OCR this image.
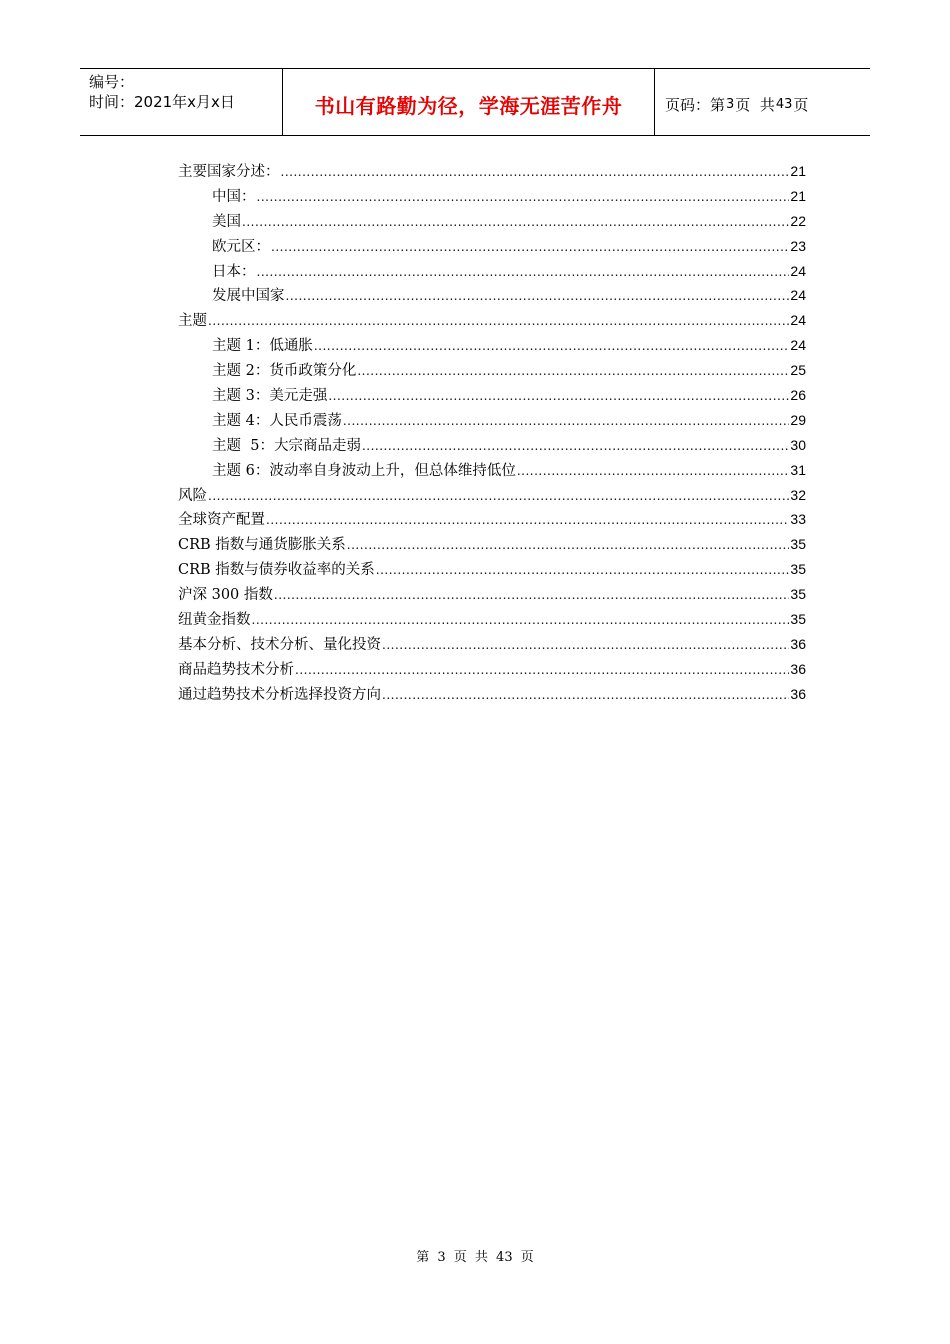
编号：
时间：2021年x月x日	书山有路勤为径，学海无涯苦作舟	页码：第 3 页  共 43 页
主要国家分述： .....	21
中国： .....	21
美国 .....	22
欧元区： .....	23
日本： .....	24
发展中国家 .....	24
主题 .....	24
主题 1：低通胀 .....	24
主题 2：货币政策分化 .....	25
主题 3：美元走强 .....	26
主题 4：人民币震荡 .....	29
主题  5：大宗商品走弱 .....	30
主题 6：波动率自身波动上升，但总体维持低位 .....	31
风险 .....	32
全球资产配置 .....	33
CRB 指数与通货膨胀关系 .....	35
CRB 指数与债券收益率的关系 .....	35
沪深 300 指数 .....	35
纽黄金指数 .....	35
基本分析、技术分析、量化投资 .....	36
商品趋势技术分析 .....	36
通过趋势技术分析选择投资方向 .....	36
第 3 页 共 43 页
